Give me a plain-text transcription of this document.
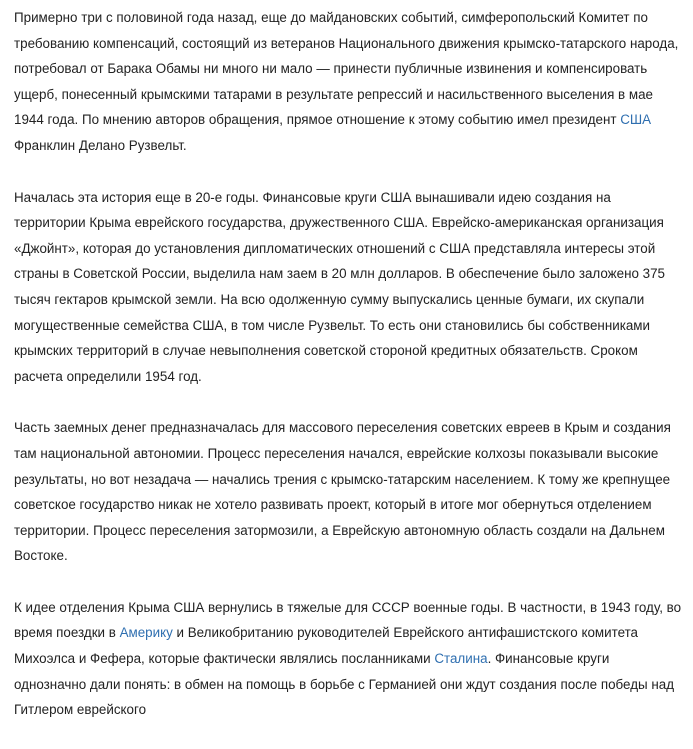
Примерно три с половиной года назад, еще до майдановских событий, симферопольский Комитет по требованию компенсаций, состоящий из ветеранов Национального движения крымско-татарского народа, потребовал от Барака Обамы ни много ни мало — принести публичные извинения и компенсировать ущерб, понесенный крымскими татарами в результате репрессий и насильственного выселения в мае 1944 года. По мнению авторов обращения, прямое отношение к этому событию имел президент США Франклин Делано Рузвельт.

Началась эта история еще в 20-е годы. Финансовые круги США вынашивали идею создания на территории Крыма еврейского государства, дружественного США. Еврейско-американская организация «Джойнт», которая до установления дипломатических отношений с США представляла интересы этой страны в Советской России, выделила нам заем в 20 млн долларов. В обеспечение было заложено 375 тысяч гектаров крымской земли. На всю одолженную сумму выпускались ценные бумаги, их скупали могущественные семейства США, в том числе Рузвельт. То есть они становились бы собственниками крымских территорий в случае невыполнения советской стороной кредитных обязательств. Сроком расчета определили 1954 год.

Часть заемных денег предназначалась для массового переселения советских евреев в Крым и создания там национальной автономии. Процесс переселения начался, еврейские колхозы показывали высокие результаты, но вот незадача — начались трения с крымско-татарским населением. К тому же крепнущее советское государство никак не хотело развивать проект, который в итоге мог обернуться отделением территории. Процесс переселения затормозили, а Еврейскую автономную область создали на Дальнем Востоке.

К идее отделения Крыма США вернулись в тяжелые для СССР военные годы. В частности, в 1943 году, во время поездки в Америку и Великобританию руководителей Еврейского антифашистского комитета Михоэлса и Фефера, которые фактически являлись посланниками Сталина. Финансовые круги однозначно дали понять: в обмен на помощь в борьбе с Германией они ждут создания после победы над Гитлером еврейского
